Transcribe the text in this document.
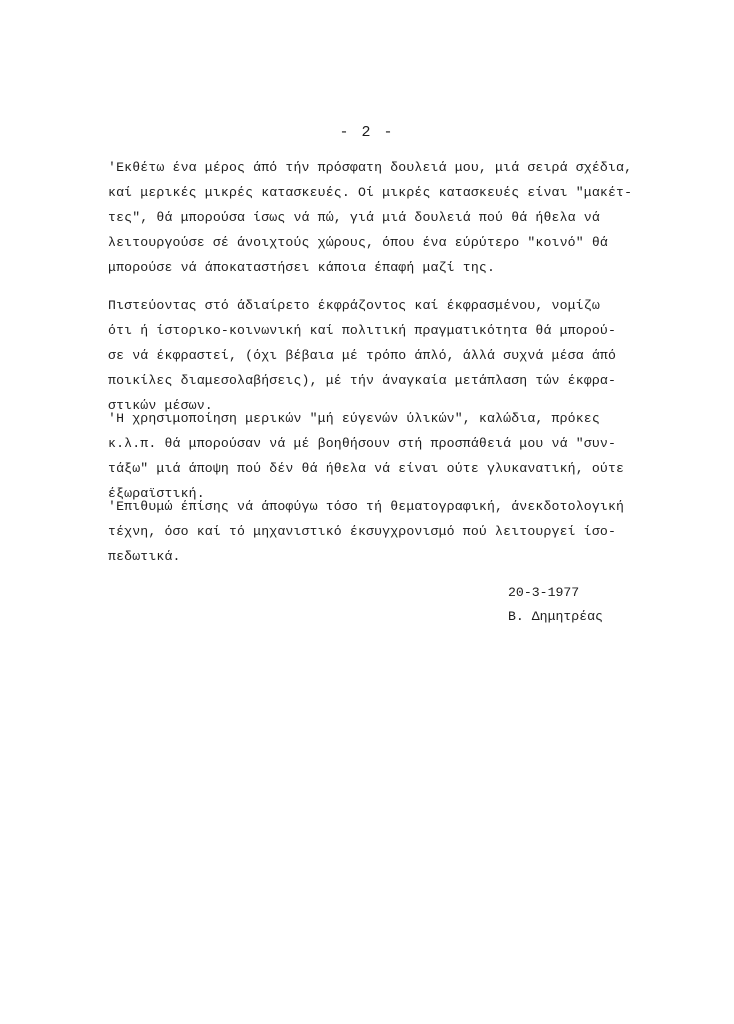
- 2 -
'Εκθέτω ένα μέρος άπό τήν πρόσφατη δουλειά μου, μιά σειρά σχέδια,
καί μερικές μικρές κατασκευές. Οί μικρές κατασκευές είναι "μακέτ-
τες", θά μπορούσα ίσως νά πώ, γιά μιά δουλειά πού θά ήθελα νά
λειτουργούσε σέ άνοιχτούς χώρους, όπου ένα εύρύτερο "κοινό" θά
μπορούσε νά άποκαταστήσει κάποια έπαφή μαζί της.
Πιστεύοντας στό άδιαίρετο έκφράζοντος καί έκφρασμένου, νομίζω
ότι ή ίστορικο-κοινωνική καί πολιτική πραγματικότητα θά μπορού-
σε νά έκφραστεί, (όχι βέβαια μέ τρόπο άπλό, άλλά συχνά μέσα άπό
ποικίλες διαμεσολαβήσεις), μέ τήν άναγκαία μετάπλαση τών έκφρα-
στικών μέσων.
'Η χρησιμοποίηση μερικών "μή εύγενών ύλικών", καλώδια, πρόκες
κ.λ.π. θά μπορούσαν νά μέ βοηθήσουν στή προσπάθειά μου νά "συν-
τάξω" μιά άποψη πού δέν θά ήθελα νά είναι ούτε γλυκανατική, ούτε
έξωραϊστική.
'Επιθυμώ έπίσης νά άποφύγω τόσο τή θεματογραφική, άνεκδοτολογική
τέχνη, όσο καί τό μηχανιστικό έκσυγχρονισμό πού λειτουργεί ίσο-
πεδωτικά.
20-3-1977
Β. Δημητρέας
